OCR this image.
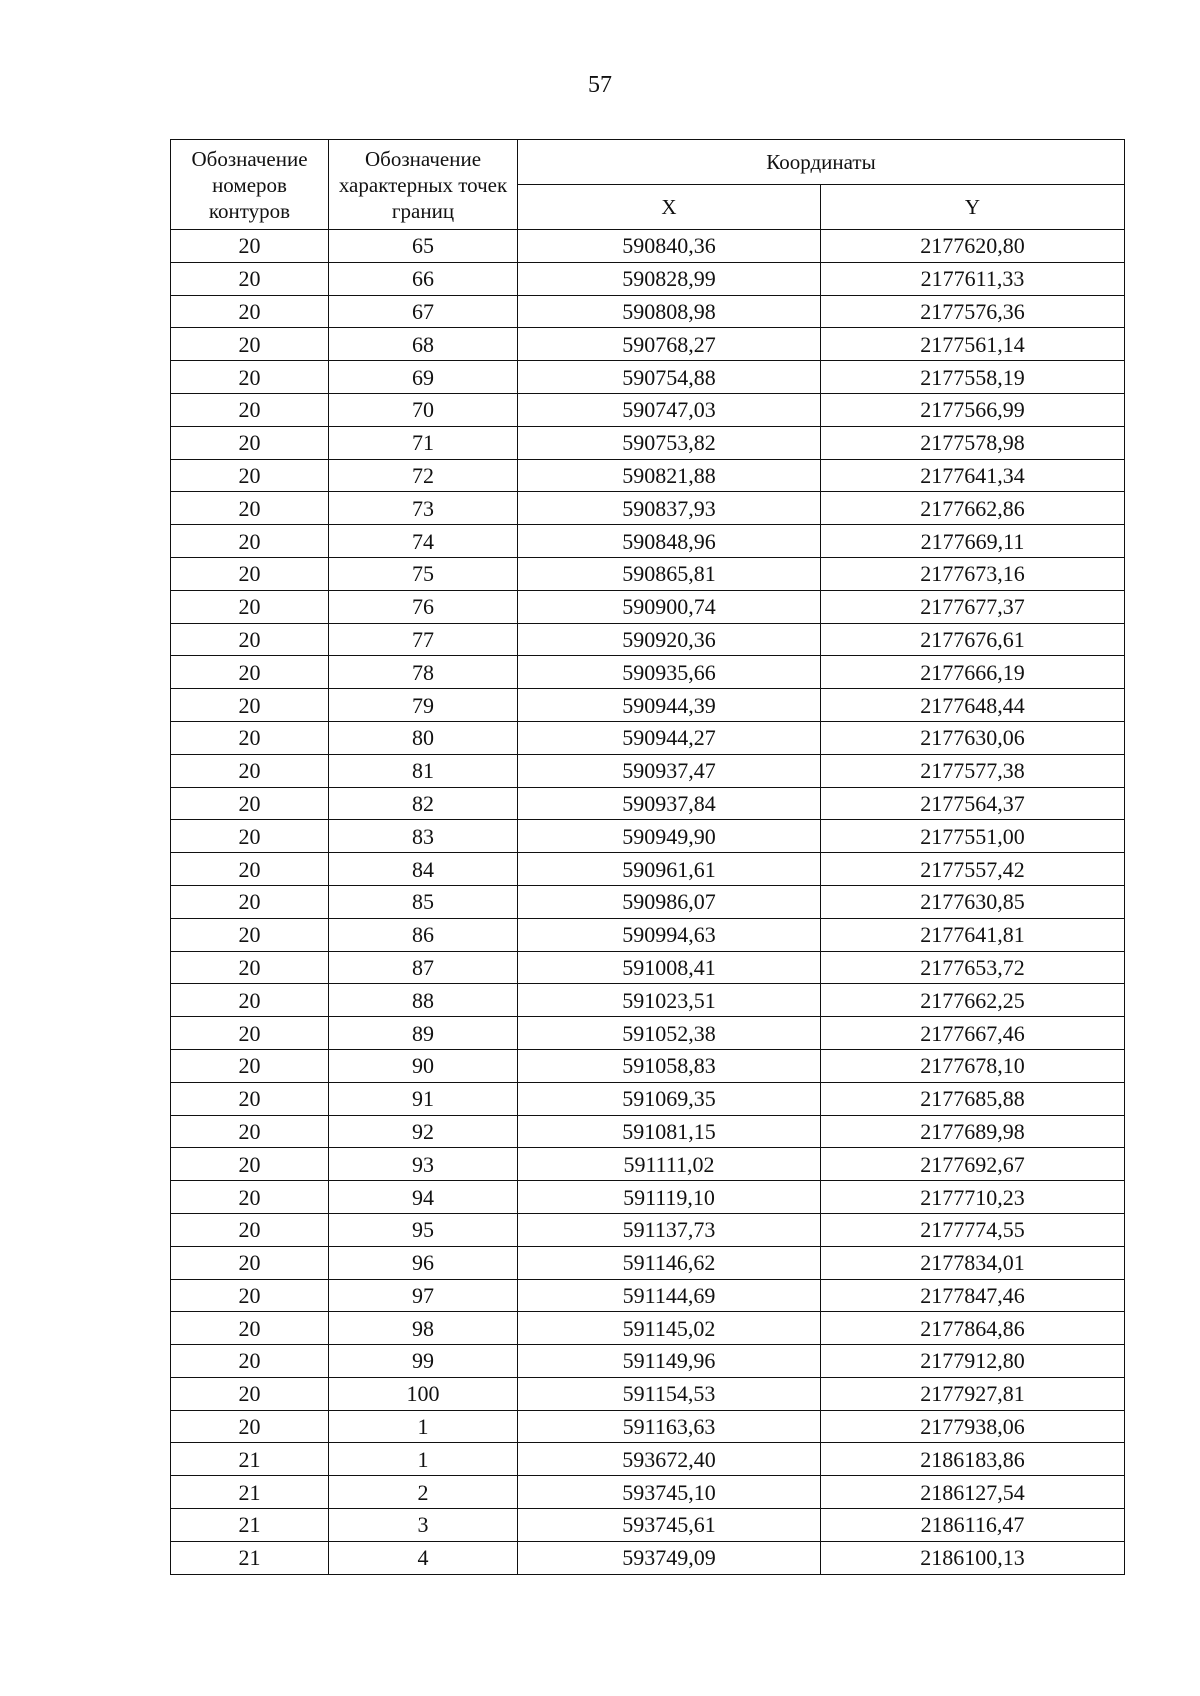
57
Обозначение номеров контуров	Обозначение характерных точек границ	Координаты	
		X	Y
20	65	590840,36	2177620,80
20	66	590828,99	2177611,33
20	67	590808,98	2177576,36
20	68	590768,27	2177561,14
20	69	590754,88	2177558,19
20	70	590747,03	2177566,99
20	71	590753,82	2177578,98
20	72	590821,88	2177641,34
20	73	590837,93	2177662,86
20	74	590848,96	2177669,11
20	75	590865,81	2177673,16
20	76	590900,74	2177677,37
20	77	590920,36	2177676,61
20	78	590935,66	2177666,19
20	79	590944,39	2177648,44
20	80	590944,27	2177630,06
20	81	590937,47	2177577,38
20	82	590937,84	2177564,37
20	83	590949,90	2177551,00
20	84	590961,61	2177557,42
20	85	590986,07	2177630,85
20	86	590994,63	2177641,81
20	87	591008,41	2177653,72
20	88	591023,51	2177662,25
20	89	591052,38	2177667,46
20	90	591058,83	2177678,10
20	91	591069,35	2177685,88
20	92	591081,15	2177689,98
20	93	591111,02	2177692,67
20	94	591119,10	2177710,23
20	95	591137,73	2177774,55
20	96	591146,62	2177834,01
20	97	591144,69	2177847,46
20	98	591145,02	2177864,86
20	99	591149,96	2177912,80
20	100	591154,53	2177927,81
20	1	591163,63	2177938,06
21	1	593672,40	2186183,86
21	2	593745,10	2186127,54
21	3	593745,61	2186116,47
21	4	593749,09	2186100,13
